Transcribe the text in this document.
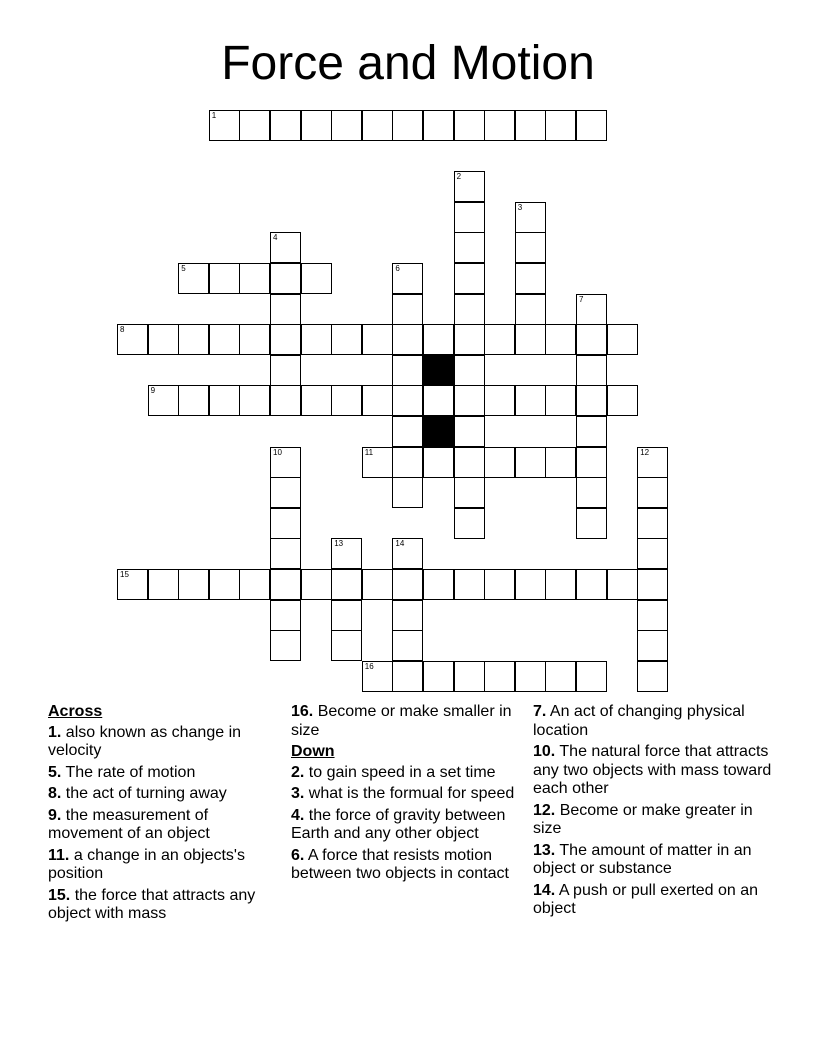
Force and Motion
1
2
3
4
5	6
7
8
9
11
10	12
13	14
15
16
Across
1. also known as change in velocity
5. The rate of motion
8. the act of turning away
9. the measurement of movement of an object
11. a change in an objects's position
15. the force that attracts any object with mass
16. Become or make smaller in size
Down
2. to gain speed in a set time
3. what is the formual for speed
4. the force of gravity between Earth and any other object
6. A force that resists motion between two objects in contact
7. An act of changing physical location
10. The natural force that attracts any two objects with mass toward each other
12. Become or make greater in size
13. The amount of matter in an object or substance
14. A push or pull exerted on an object
